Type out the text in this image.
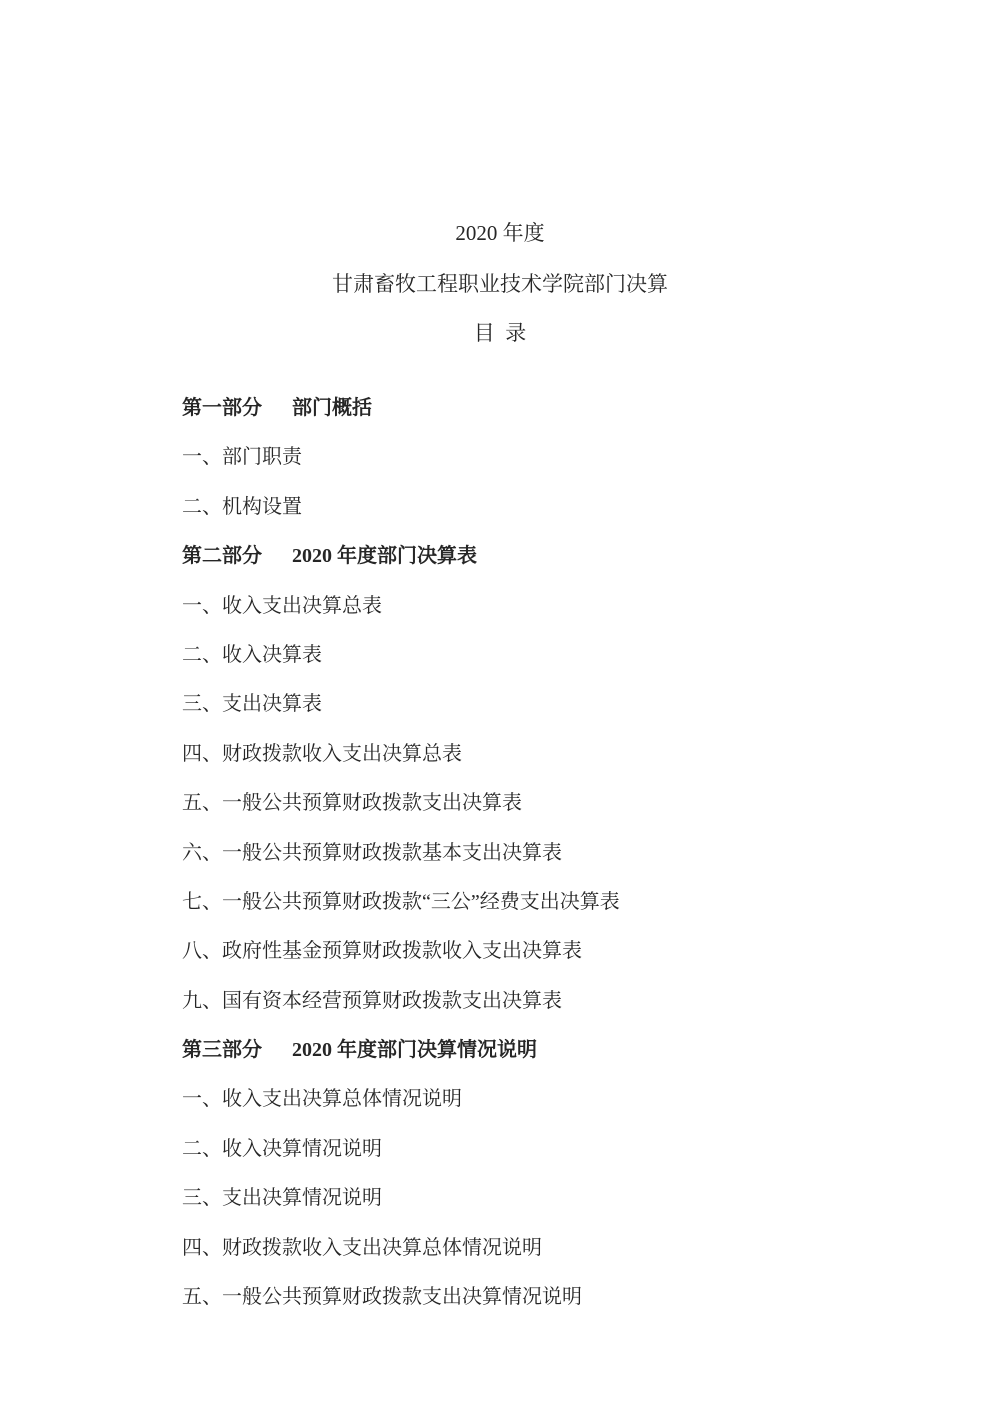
2020 年度
甘肃畜牧工程职业技术学院部门决算
目  录

第一部分 部门概括

一、部门职责

二、机构设置

第二部分 2020 年度部门决算表

一、收入支出决算总表

二、收入决算表

三、支出决算表

四、财政拨款收入支出决算总表

五、一般公共预算财政拨款支出决算表

六、一般公共预算财政拨款基本支出决算表

七、一般公共预算财政拨款“三公”经费支出决算表

八、政府性基金预算财政拨款收入支出决算表

九、国有资本经营预算财政拨款支出决算表

第三部分 2020 年度部门决算情况说明

一、收入支出决算总体情况说明

二、收入决算情况说明

三、支出决算情况说明

四、财政拨款收入支出决算总体情况说明

五、一般公共预算财政拨款支出决算情况说明
